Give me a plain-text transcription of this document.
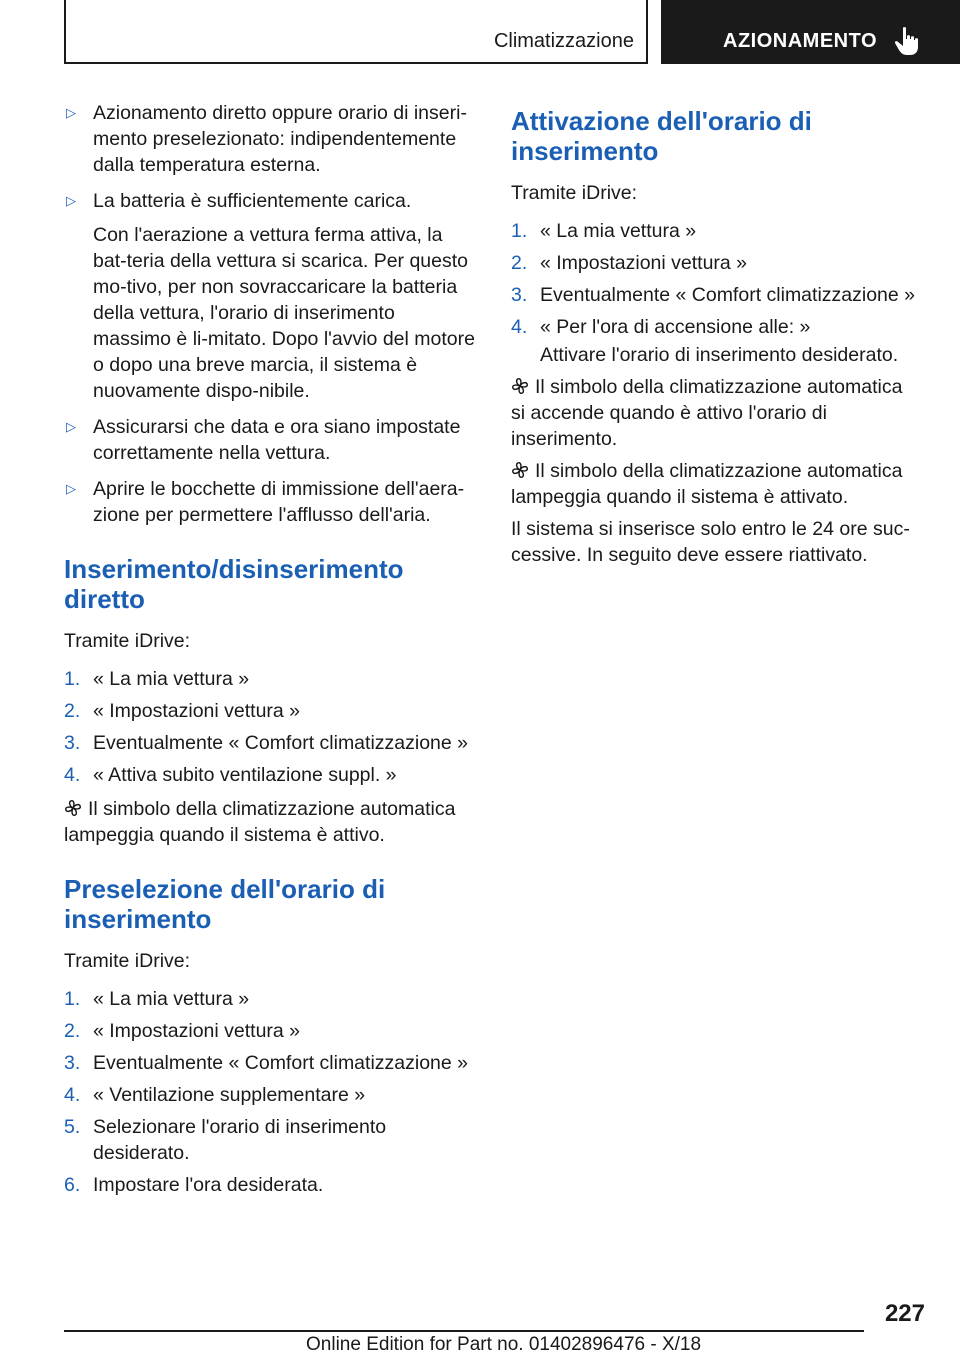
Climatizzazione	AZIONAMENTO
▷ Azionamento diretto oppure orario di inseri-mento preselezionato: indipendentemente dalla temperatura esterna.

▷ La batteria è sufficientemente carica.

Con l'aerazione a vettura ferma attiva, la bat-teria della vettura si scarica. Per questo mo-tivo, per non sovraccaricare la batteria della vettura, l'orario di inserimento massimo è li-mitato. Dopo l'avvio del motore o dopo una breve marcia, il sistema è nuovamente dispo-nibile.

▷ Assicurarsi che data e ora siano impostate correttamente nella vettura.

▷ Aprire le bocchette di immissione dell'aera-zione per permettere l'afflusso dell'aria.

Inserimento/disinserimento diretto

Tramite iDrive:

1. « La mia vettura »
2. « Impostazioni vettura »
3. Eventualmente « Comfort climatizzazione »
4. « Attiva subito ventilazione suppl. »

Il simbolo della climatizzazione automatica lampeggia quando il sistema è attivo.

Preselezione dell'orario di inserimento

Tramite iDrive:

1. « La mia vettura »
2. « Impostazioni vettura »
3. Eventualmente « Comfort climatizzazione »
4. « Ventilazione supplementare »
5. Selezionare l'orario di inserimento desiderato.
6. Impostare l'ora desiderata.
Attivazione dell'orario di inserimento

Tramite iDrive:

1. « La mia vettura »
2. « Impostazioni vettura »
3. Eventualmente « Comfort climatizzazione »
4. « Per l'ora di accensione alle: »

Attivare l'orario di inserimento desiderato.

Il simbolo della climatizzazione automatica si accende quando è attivo l'orario di inserimento.

Il simbolo della climatizzazione automatica lampeggia quando il sistema è attivato.

Il sistema si inserisce solo entro le 24 ore suc-cessive. In seguito deve essere riattivato.

227
Online Edition for Part no. 01402896476 - X/18
